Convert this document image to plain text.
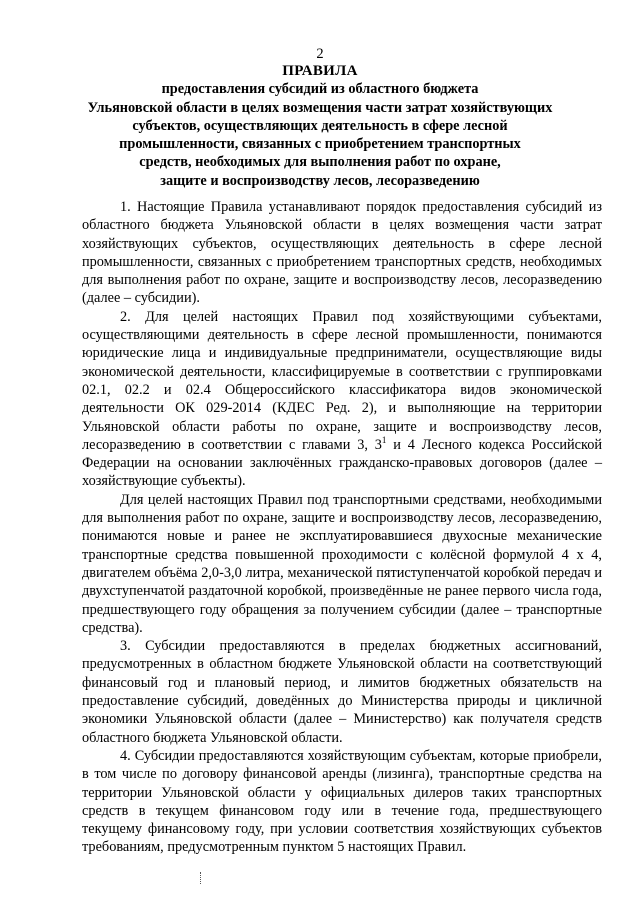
2
ПРАВИЛА
предоставления субсидий из областного бюджета
Ульяновской области в целях возмещения части затрат хозяйствующих
субъектов, осуществляющих деятельность в сфере лесной
промышленности, связанных с приобретением транспортных
средств, необходимых для выполнения работ по охране,
защите и воспроизводству лесов, лесоразведению

1. Настоящие Правила устанавливают порядок предоставления субсидий из областного бюджета Ульяновской области в целях возмещения части затрат хозяйствующих субъектов, осуществляющих деятельность в сфере лесной промышленности, связанных с приобретением транспортных средств, необходимых для выполнения работ по охране, защите и воспроизводству лесов, лесоразведению (далее – субсидии).

2. Для целей настоящих Правил под хозяйствующими субъектами, осуществляющими деятельность в сфере лесной промышленности, понимаются юридические лица и индивидуальные предприниматели, осуществляющие виды экономической деятельности, классифицируемые в соответствии с группировками 02.1, 02.2 и 02.4 Общероссийского классификатора видов экономической деятельности ОК 029-2014 (КДЕС Ред. 2), и выполняющие на территории Ульяновской области работы по охране, защите и воспроизводству лесов, лесоразведению в соответствии с главами 3, $3^1$ и 4 Лесного кодекса Российской Федерации на основании заключённых гражданско-правовых договоров (далее – хозяйствующие субъекты).

Для целей настоящих Правил под транспортными средствами, необходимыми для выполнения работ по охране, защите и воспроизводству лесов, лесоразведению, понимаются новые и ранее не эксплуатировавшиеся двухосные механические транспортные средства повышенной проходимости с колёсной формулой 4 х 4, двигателем объёма 2,0-3,0 литра, механической пятиступенчатой коробкой передач и двухступенчатой раздаточной коробкой, произведённые не ранее первого числа года, предшествующего году обращения за получением субсидии (далее – транспортные средства).

3. Субсидии предоставляются в пределах бюджетных ассигнований, предусмотренных в областном бюджете Ульяновской области на соответствующий финансовый год и плановый период, и лимитов бюджетных обязательств на предоставление субсидий, доведённых до Министерства природы и цикличной экономики Ульяновской области (далее – Министерство) как получателя средств областного бюджета Ульяновской области.

4. Субсидии предоставляются хозяйствующим субъектам, которые приобрели, в том числе по договору финансовой аренды (лизинга), транспортные средства на территории Ульяновской области у официальных дилеров таких транспортных средств в текущем финансовом году или в течение года, предшествующего текущему финансовому году, при условии соответствия хозяйствующих субъектов требованиям, предусмотренным пунктом 5 настоящих Правил.
